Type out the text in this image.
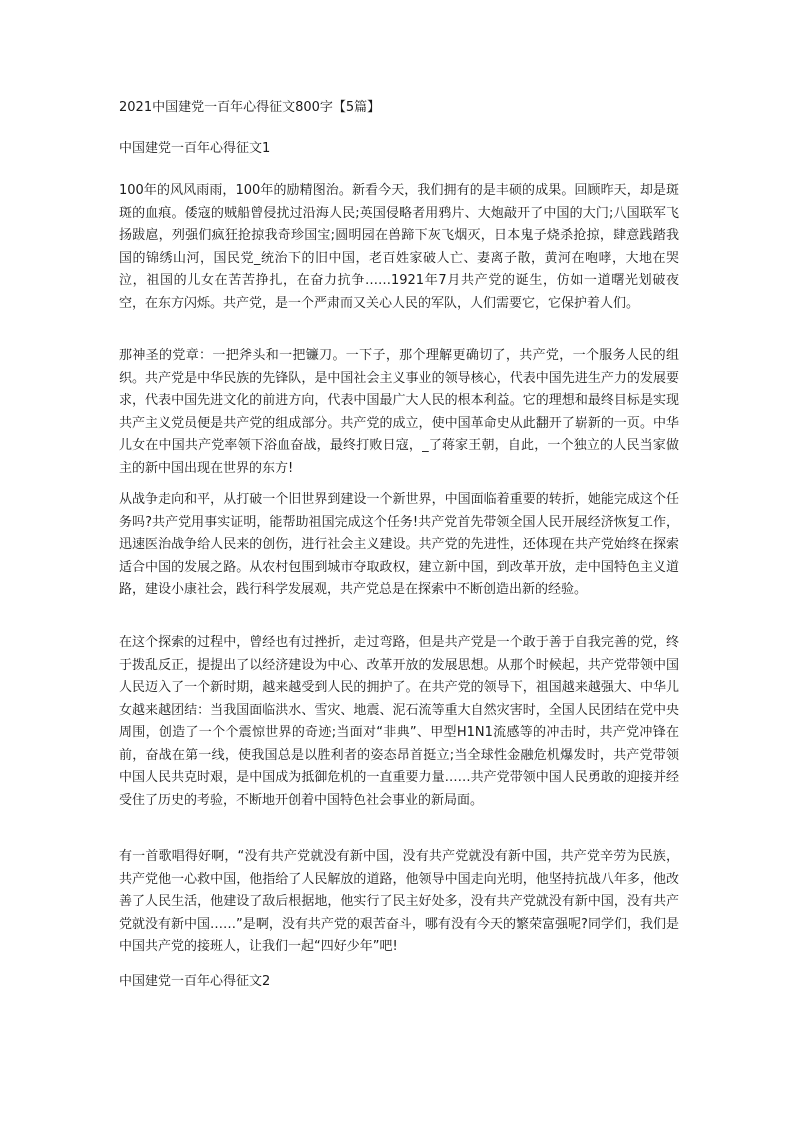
2021中国建党一百年心得征文800字【5篇】
中国建党一百年心得征文1

100年的风风雨雨，100年的励精图治。新看今天，我们拥有的是丰硕的成果。回顾昨天，却是斑斑的血痕。倭寇的贼船曾侵扰过沿海人民;英国侵略者用鸦片、大炮敲开了中国的大门;八国联军飞扬跋扈，列强们疯狂抢掠我奇珍国宝;圆明园在兽蹄下灰飞烟灭，日本鬼子烧杀抢掠，肆意践踏我国的锦绣山河，国民党_统治下的旧中国，老百姓家破人亡、妻离子散，黄河在咆哮，大地在哭泣，祖国的儿女在苦苦挣扎，在奋力抗争……1921年7月共产党的诞生，仿如一道曙光划破夜空，在东方闪烁。共产党，是一个严肃而又关心人民的军队，人们需要它，它保护着人们。

那神圣的党章：一把斧头和一把镰刀。一下子，那个理解更确切了，共产党，一个服务人民的组织。共产党是中华民族的先锋队，是中国社会主义事业的领导核心，代表中国先进生产力的发展要求，代表中国先进文化的前进方向，代表中国最广大人民的根本利益。它的理想和最终目标是实现共产主义党员便是共产党的组成部分。共产党的成立，使中国革命史从此翻开了崭新的一页。中华儿女在中国共产党率领下浴血奋战，最终打败日寇，_了蒋家王朝，自此，一个独立的人民当家做主的新中国出现在世界的东方!

从战争走向和平，从打破一个旧世界到建设一个新世界，中国面临着重要的转折，她能完成这个任务吗?共产党用事实证明，能帮助祖国完成这个任务!共产党首先带领全国人民开展经济恢复工作，迅速医治战争给人民来的创伤，进行社会主义建设。共产党的先进性，还体现在共产党始终在探索适合中国的发展之路。从农村包围到城市夺取政权，建立新中国，到改革开放，走中国特色主义道路，建设小康社会，践行科学发展观，共产党总是在探索中不断创造出新的经验。

在这个探索的过程中，曾经也有过挫折，走过弯路，但是共产党是一个敢于善于自我完善的党，终于拨乱反正，提提出了以经济建设为中心、改革开放的发展思想。从那个时候起，共产党带领中国人民迈入了一个新时期，越来越受到人民的拥护了。在共产党的领导下，祖国越来越强大、中华儿女越来越团结：当我国面临洪水、雪灾、地震、泥石流等重大自然灾害时，全国人民团结在党中央周围，创造了一个个震惊世界的奇迹;当面对“非典”、甲型H1N1流感等的冲击时，共产党冲锋在前，奋战在第一线，使我国总是以胜利者的姿态昂首挺立;当全球性金融危机爆发时，共产党带领中国人民共克时艰，是中国成为抵御危机的一直重要力量……共产党带领中国人民勇敢的迎接并经受住了历史的考验，不断地开创着中国特色社会事业的新局面。

有一首歌唱得好啊，“没有共产党就没有新中国，没有共产党就没有新中国，共产党辛劳为民族，共产党他一心救中国，他指给了人民解放的道路，他领导中国走向光明，他坚持抗战八年多，他改善了人民生活，他建设了敌后根据地，他实行了民主好处多，没有共产党就没有新中国，没有共产党就没有新中国……”是啊，没有共产党的艰苦奋斗，哪有没有今天的繁荣富强呢?同学们，我们是中国共产党的接班人，让我们一起“四好少年”吧!

中国建党一百年心得征文2
